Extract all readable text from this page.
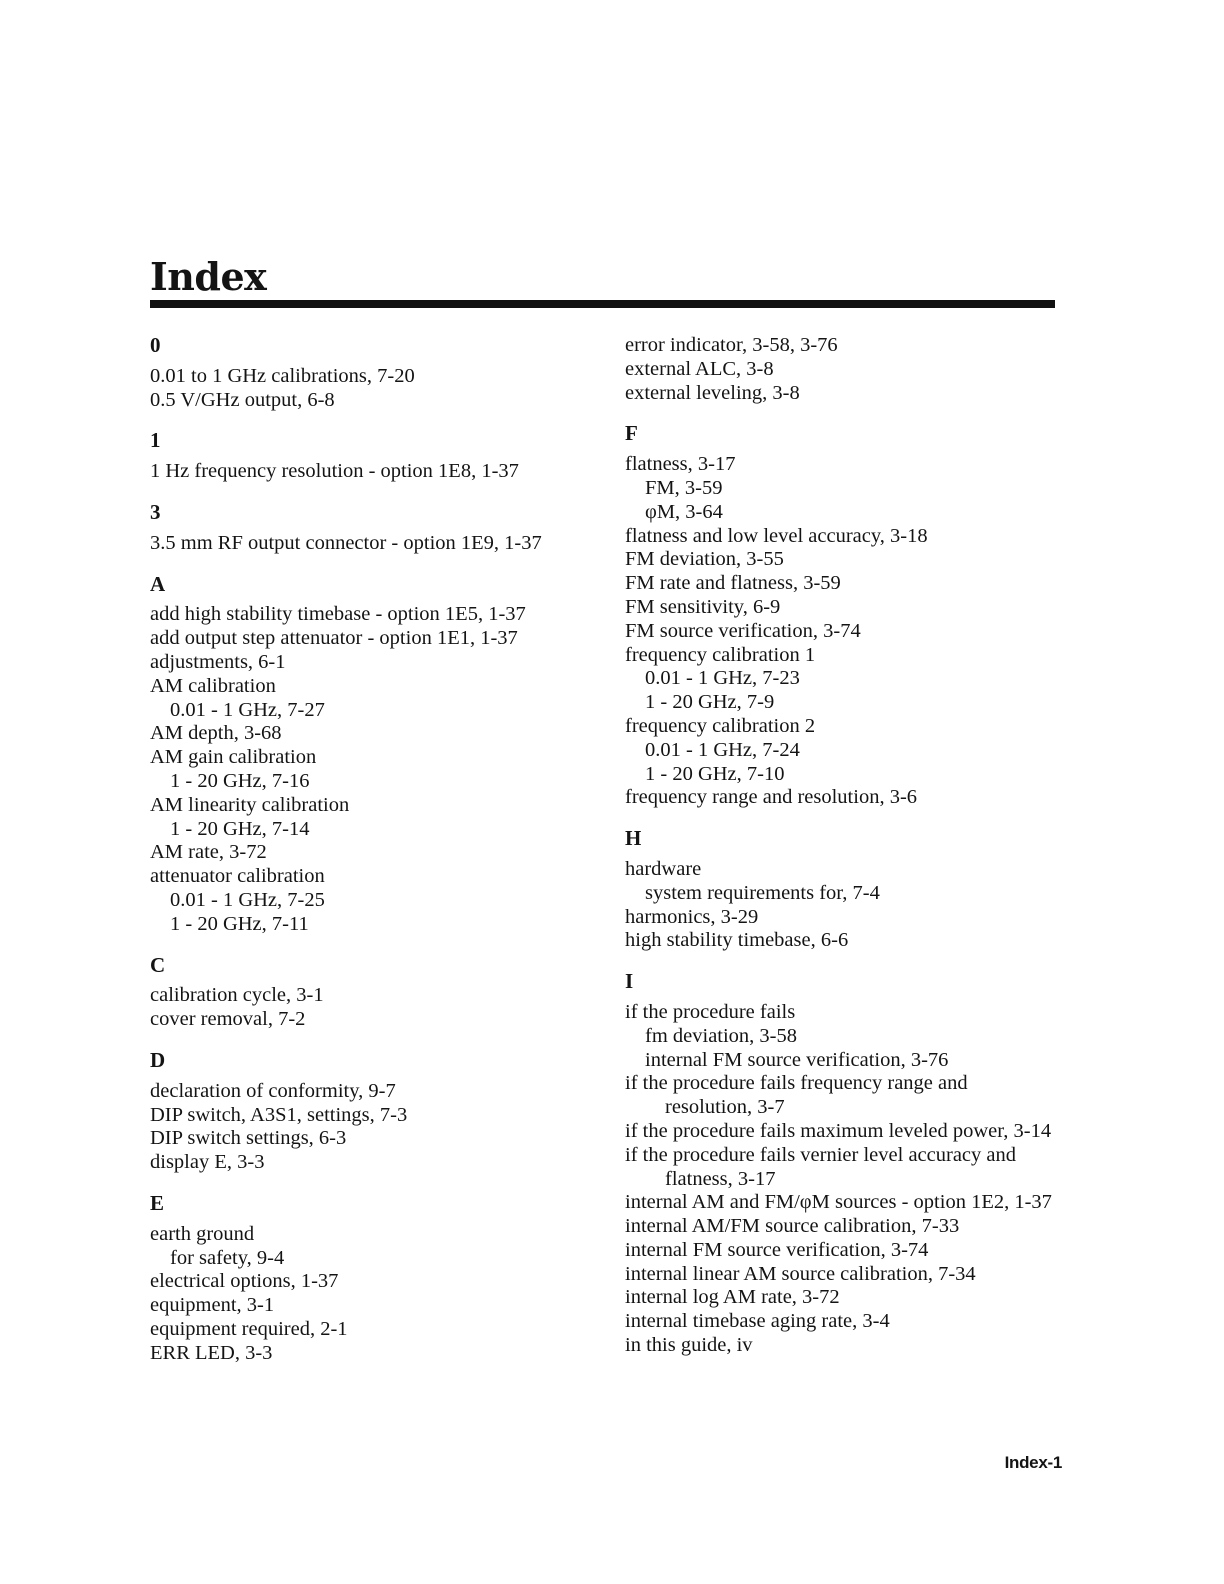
Index
0
0.01 to 1 GHz calibrations, 7-20
0.5 V/GHz output, 6-8
1
1 Hz frequency resolution - option 1E8, 1-37
3
3.5 mm RF output connector - option 1E9, 1-37
A
add high stability timebase - option 1E5, 1-37
add output step attenuator - option 1E1, 1-37
adjustments, 6-1
AM calibration
0.01 - 1 GHz, 7-27
AM depth, 3-68
AM gain calibration
1 - 20 GHz, 7-16
AM linearity calibration
1 - 20 GHz, 7-14
AM rate, 3-72
attenuator calibration
0.01 - 1 GHz, 7-25
1 - 20 GHz, 7-11
C
calibration cycle, 3-1
cover removal, 7-2
D
declaration of conformity, 9-7
DIP switch, A3S1, settings, 7-3
DIP switch settings, 6-3
display E, 3-3
E
earth ground
for safety, 9-4
electrical options, 1-37
equipment, 3-1
equipment required, 2-1
ERR LED, 3-3
error indicator, 3-58, 3-76
external ALC, 3-8
external leveling, 3-8
F
flatness, 3-17
FM, 3-59
φM, 3-64
flatness and low level accuracy, 3-18
FM deviation, 3-55
FM rate and flatness, 3-59
FM sensitivity, 6-9
FM source verification, 3-74
frequency calibration 1
0.01 - 1 GHz, 7-23
1 - 20 GHz, 7-9
frequency calibration 2
0.01 - 1 GHz, 7-24
1 - 20 GHz, 7-10
frequency range and resolution, 3-6
H
hardware
system requirements for, 7-4
harmonics, 3-29
high stability timebase, 6-6
I
if the procedure fails
fm deviation, 3-58
internal FM source verification, 3-76
if the procedure fails frequency range and resolution, 3-7
if the procedure fails maximum leveled power, 3-14
if the procedure fails vernier level accuracy and flatness, 3-17
internal AM and FM/φM sources - option 1E2, 1-37
internal AM/FM source calibration, 7-33
internal FM source verification, 3-74
internal linear AM source calibration, 7-34
internal log AM rate, 3-72
internal timebase aging rate, 3-4
in this guide, iv
Index-1
